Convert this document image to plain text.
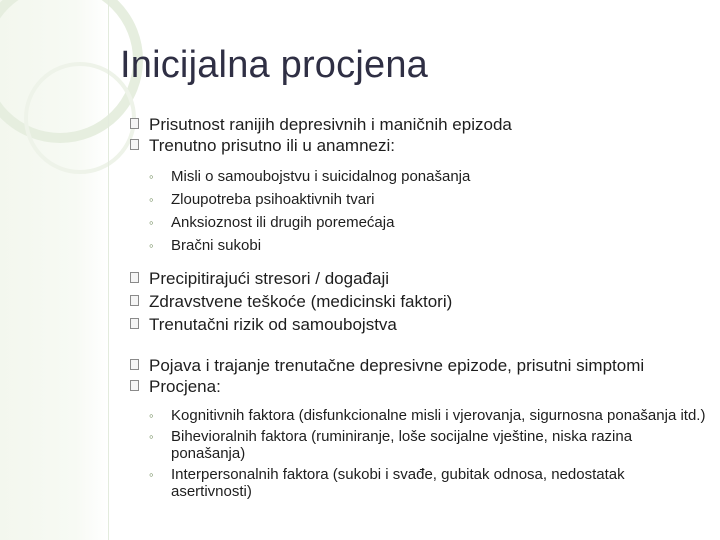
Inicijalna procjena
Prisutnost ranijih depresivnih i maničnih epizoda
Trenutno prisutno ili u anamnezi:
◦ Misli o samoubojstvu i suicidalnog ponašanja
◦ Zloupotreba psihoaktivnih tvari
◦ Anksioznost ili drugih poremećaja
◦ Bračni sukobi
Precipitirajući stresori / događaji
Zdravstvene teškoće (medicinski faktori)
Trenutačni rizik od samoubojstva
Pojava i trajanje trenutačne depresivne epizode, prisutni simptomi
Procjena:
◦ Kognitivnih faktora (disfunkcionalne misli i vjerovanja, sigurnosna ponašanja itd.)
◦ Bihevioralnih faktora (ruminiranje, loše socijalne vještine, niska razina ponašanja)
◦ Interpersonalnih faktora (sukobi i svađe, gubitak odnosa, nedostatak asertivnosti)
